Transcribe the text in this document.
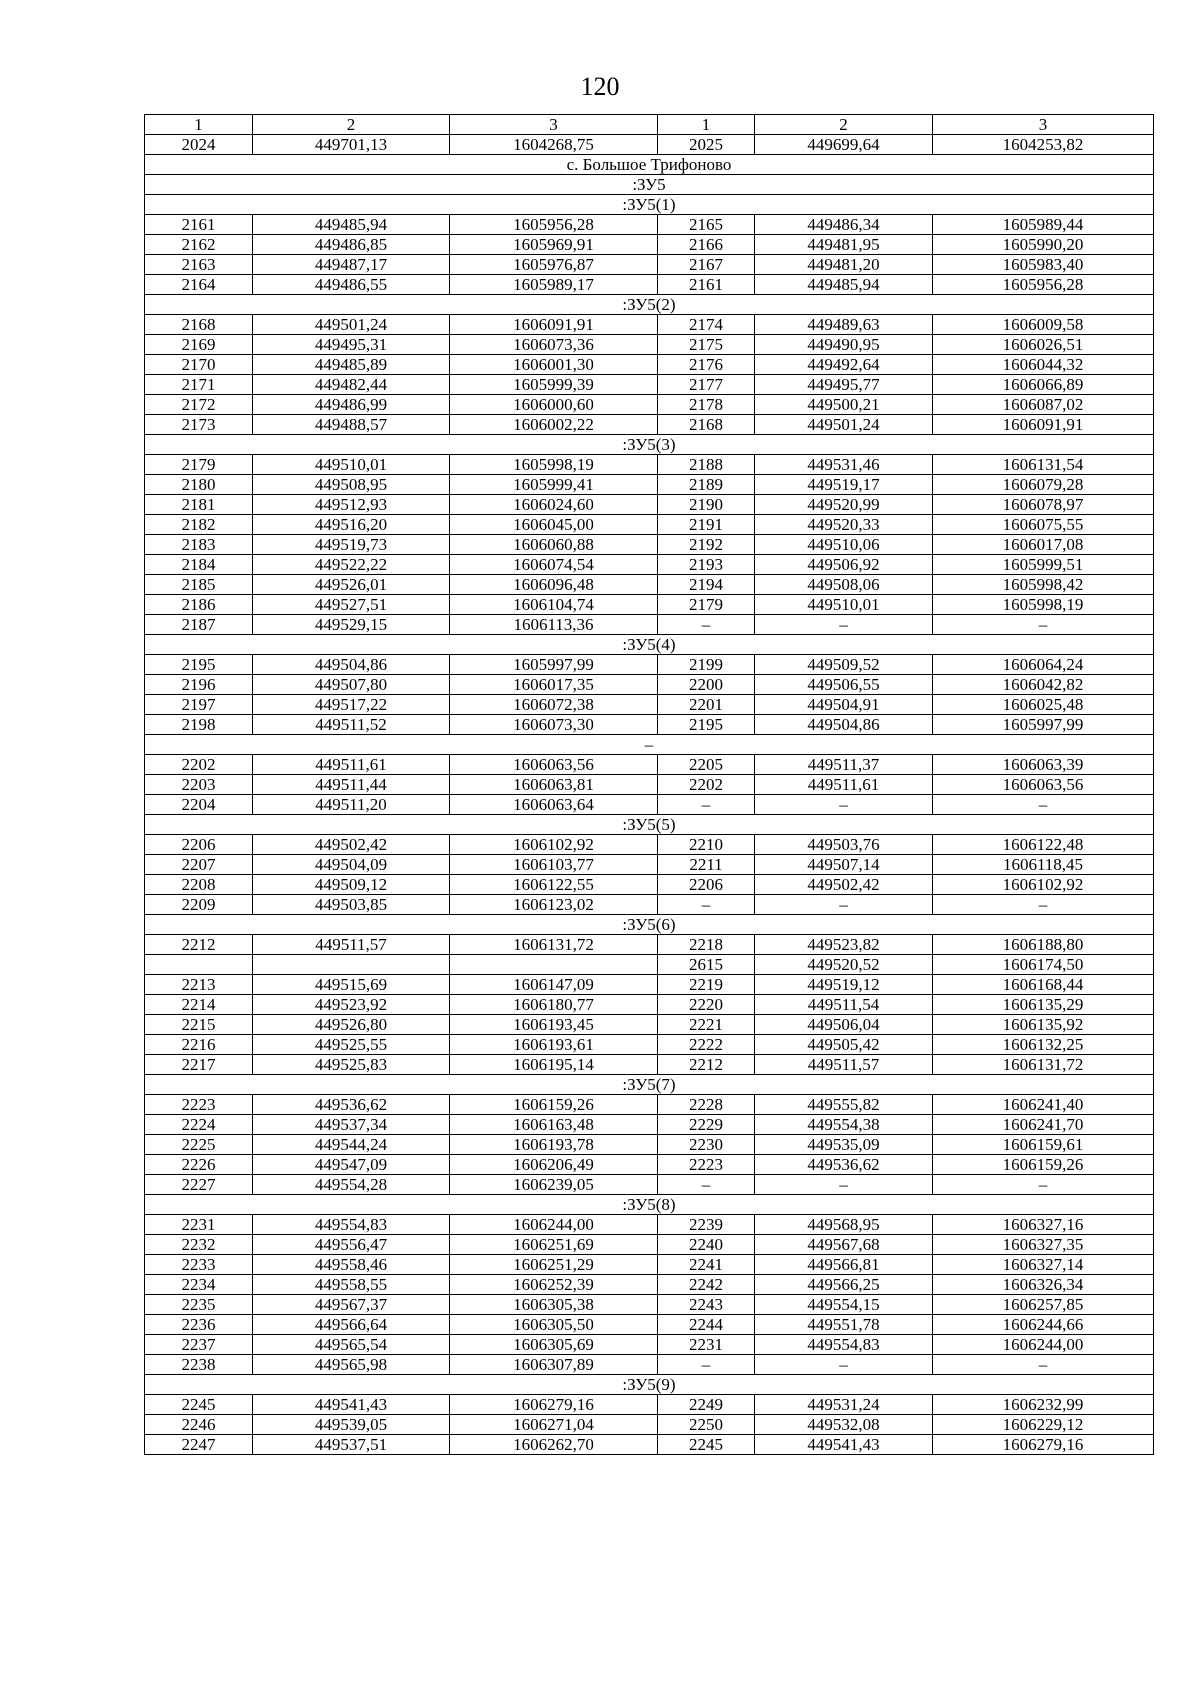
120
1	2	3	1	2	3
2024	449701,13	1604268,75	2025	449699,64	1604253,82
с. Большое Трифоново					
:ЗУ5					
:ЗУ5(1)					
2161	449485,94	1605956,28	2165	449486,34	1605989,44
2162	449486,85	1605969,91	2166	449481,95	1605990,20
2163	449487,17	1605976,87	2167	449481,20	1605983,40
2164	449486,55	1605989,17	2161	449485,94	1605956,28
:ЗУ5(2)					
2168	449501,24	1606091,91	2174	449489,63	1606009,58
2169	449495,31	1606073,36	2175	449490,95	1606026,51
2170	449485,89	1606001,30	2176	449492,64	1606044,32
2171	449482,44	1605999,39	2177	449495,77	1606066,89
2172	449486,99	1606000,60	2178	449500,21	1606087,02
2173	449488,57	1606002,22	2168	449501,24	1606091,91
:ЗУ5(3)					
2179	449510,01	1605998,19	2188	449531,46	1606131,54
2180	449508,95	1605999,41	2189	449519,17	1606079,28
2181	449512,93	1606024,60	2190	449520,99	1606078,97
2182	449516,20	1606045,00	2191	449520,33	1606075,55
2183	449519,73	1606060,88	2192	449510,06	1606017,08
2184	449522,22	1606074,54	2193	449506,92	1605999,51
2185	449526,01	1606096,48	2194	449508,06	1605998,42
2186	449527,51	1606104,74	2179	449510,01	1605998,19
2187	449529,15	1606113,36	–	–	–
:ЗУ5(4)					
2195	449504,86	1605997,99	2199	449509,52	1606064,24
2196	449507,80	1606017,35	2200	449506,55	1606042,82
2197	449517,22	1606072,38	2201	449504,91	1606025,48
2198	449511,52	1606073,30	2195	449504,86	1605997,99
–					
2202	449511,61	1606063,56	2205	449511,37	1606063,39
2203	449511,44	1606063,81	2202	449511,61	1606063,56
2204	449511,20	1606063,64	–	–	–
:ЗУ5(5)					
2206	449502,42	1606102,92	2210	449503,76	1606122,48
2207	449504,09	1606103,77	2211	449507,14	1606118,45
2208	449509,12	1606122,55	2206	449502,42	1606102,92
2209	449503,85	1606123,02	–	–	–
:ЗУ5(6)					
2212	449511,57	1606131,72	2218	449523,82	1606188,80
			2615	449520,52	1606174,50
2213	449515,69	1606147,09	2219	449519,12	1606168,44
2214	449523,92	1606180,77	2220	449511,54	1606135,29
2215	449526,80	1606193,45	2221	449506,04	1606135,92
2216	449525,55	1606193,61	2222	449505,42	1606132,25
2217	449525,83	1606195,14	2212	449511,57	1606131,72
:ЗУ5(7)					
2223	449536,62	1606159,26	2228	449555,82	1606241,40
2224	449537,34	1606163,48	2229	449554,38	1606241,70
2225	449544,24	1606193,78	2230	449535,09	1606159,61
2226	449547,09	1606206,49	2223	449536,62	1606159,26
2227	449554,28	1606239,05	–	–	–
:ЗУ5(8)					
2231	449554,83	1606244,00	2239	449568,95	1606327,16
2232	449556,47	1606251,69	2240	449567,68	1606327,35
2233	449558,46	1606251,29	2241	449566,81	1606327,14
2234	449558,55	1606252,39	2242	449566,25	1606326,34
2235	449567,37	1606305,38	2243	449554,15	1606257,85
2236	449566,64	1606305,50	2244	449551,78	1606244,66
2237	449565,54	1606305,69	2231	449554,83	1606244,00
2238	449565,98	1606307,89	–	–	–
:ЗУ5(9)					
2245	449541,43	1606279,16	2249	449531,24	1606232,99
2246	449539,05	1606271,04	2250	449532,08	1606229,12
2247	449537,51	1606262,70	2245	449541,43	1606279,16
